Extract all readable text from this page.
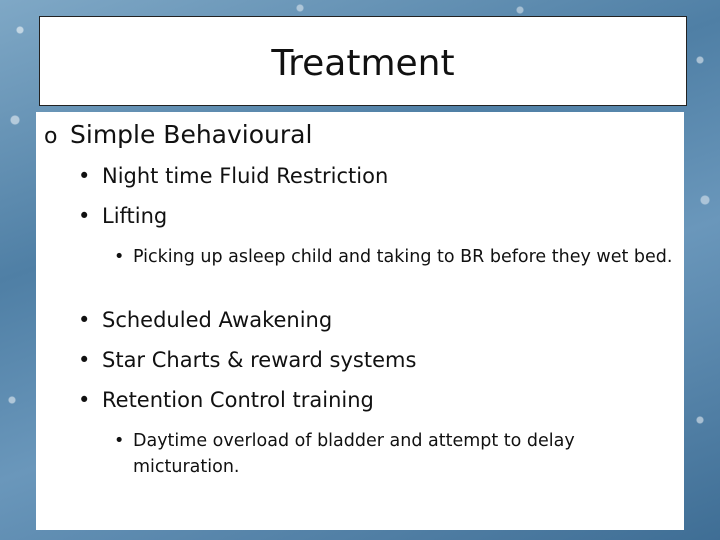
Treatment
o Simple Behavioural
• Night time Fluid Restriction
• Lifting
• Picking up asleep child and taking to BR before they wet bed.
• Scheduled Awakening
• Star Charts & reward systems
• Retention Control training
• Daytime overload of bladder and attempt to delay micturation.
